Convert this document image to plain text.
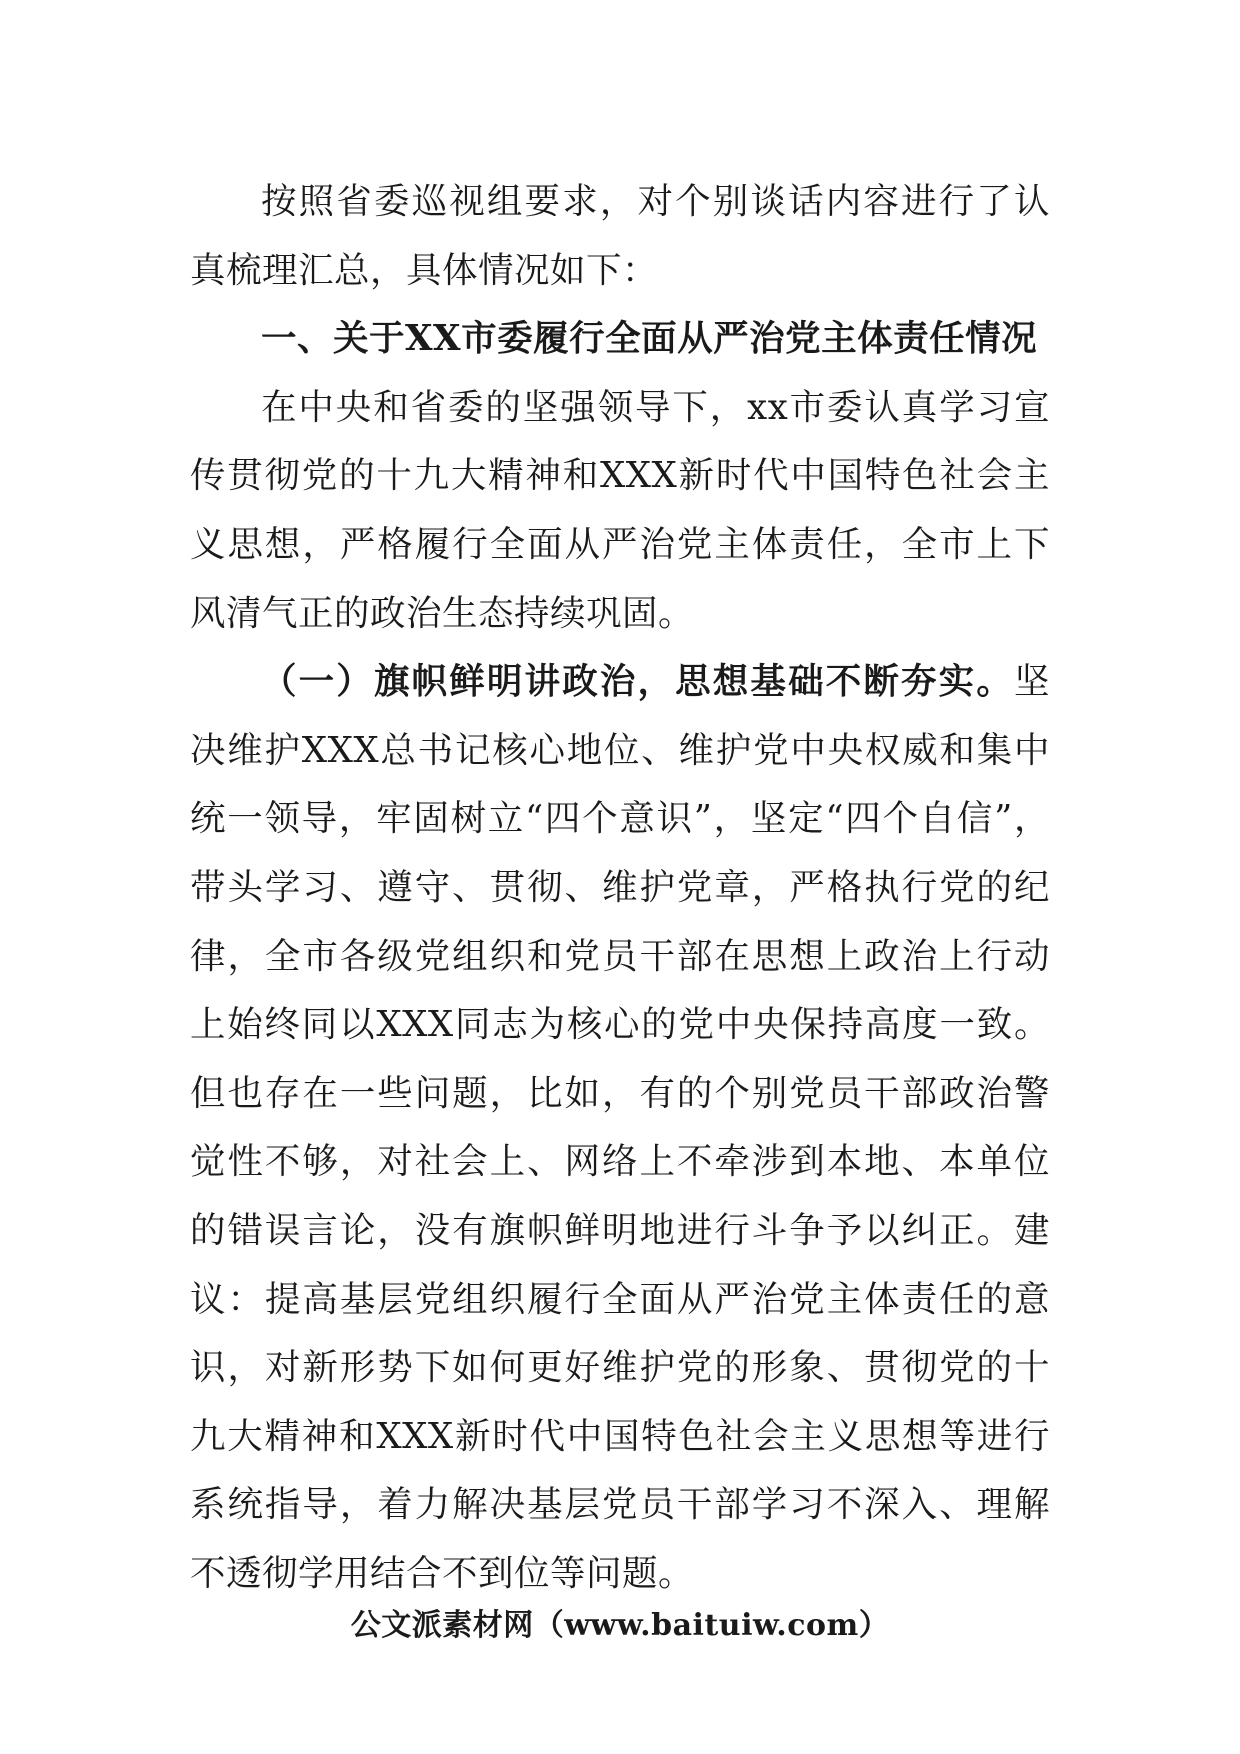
按照省委巡视组要求，对个别谈话内容进行了认真梳理汇总，具体情况如下：

一、关于XX市委履行全面从严治党主体责任情况

在中央和省委的坚强领导下，xx市委认真学习宣传贯彻党的十九大精神和XXX新时代中国特色社会主义思想，严格履行全面从严治党主体责任，全市上下风清气正的政治生态持续巩固。

（一）旗帜鲜明讲政治，思想基础不断夯实。坚决维护XXX总书记核心地位、维护党中央权威和集中统一领导，牢固树立“四个意识”，坚定“四个自信”，带头学习、遵守、贯彻、维护党章，严格执行党的纪律，全市各级党组织和党员干部在思想上政治上行动上始终同以XXX同志为核心的党中央保持高度一致。但也存在一些问题，比如，有的个别党员干部政治警觉性不够，对社会上、网络上不牵涉到本地、本单位的错误言论，没有旗帜鲜明地进行斗争予以纠正。建议：提高基层党组织履行全面从严治党主体责任的意识，对新形势下如何更好维护党的形象、贯彻党的十九大精神和XXX新时代中国特色社会主义思想等进行系统指导，着力解决基层党员干部学习不深入、理解不透彻学用结合不到位等问题。

公文派素材网（www.baituiw.com）
